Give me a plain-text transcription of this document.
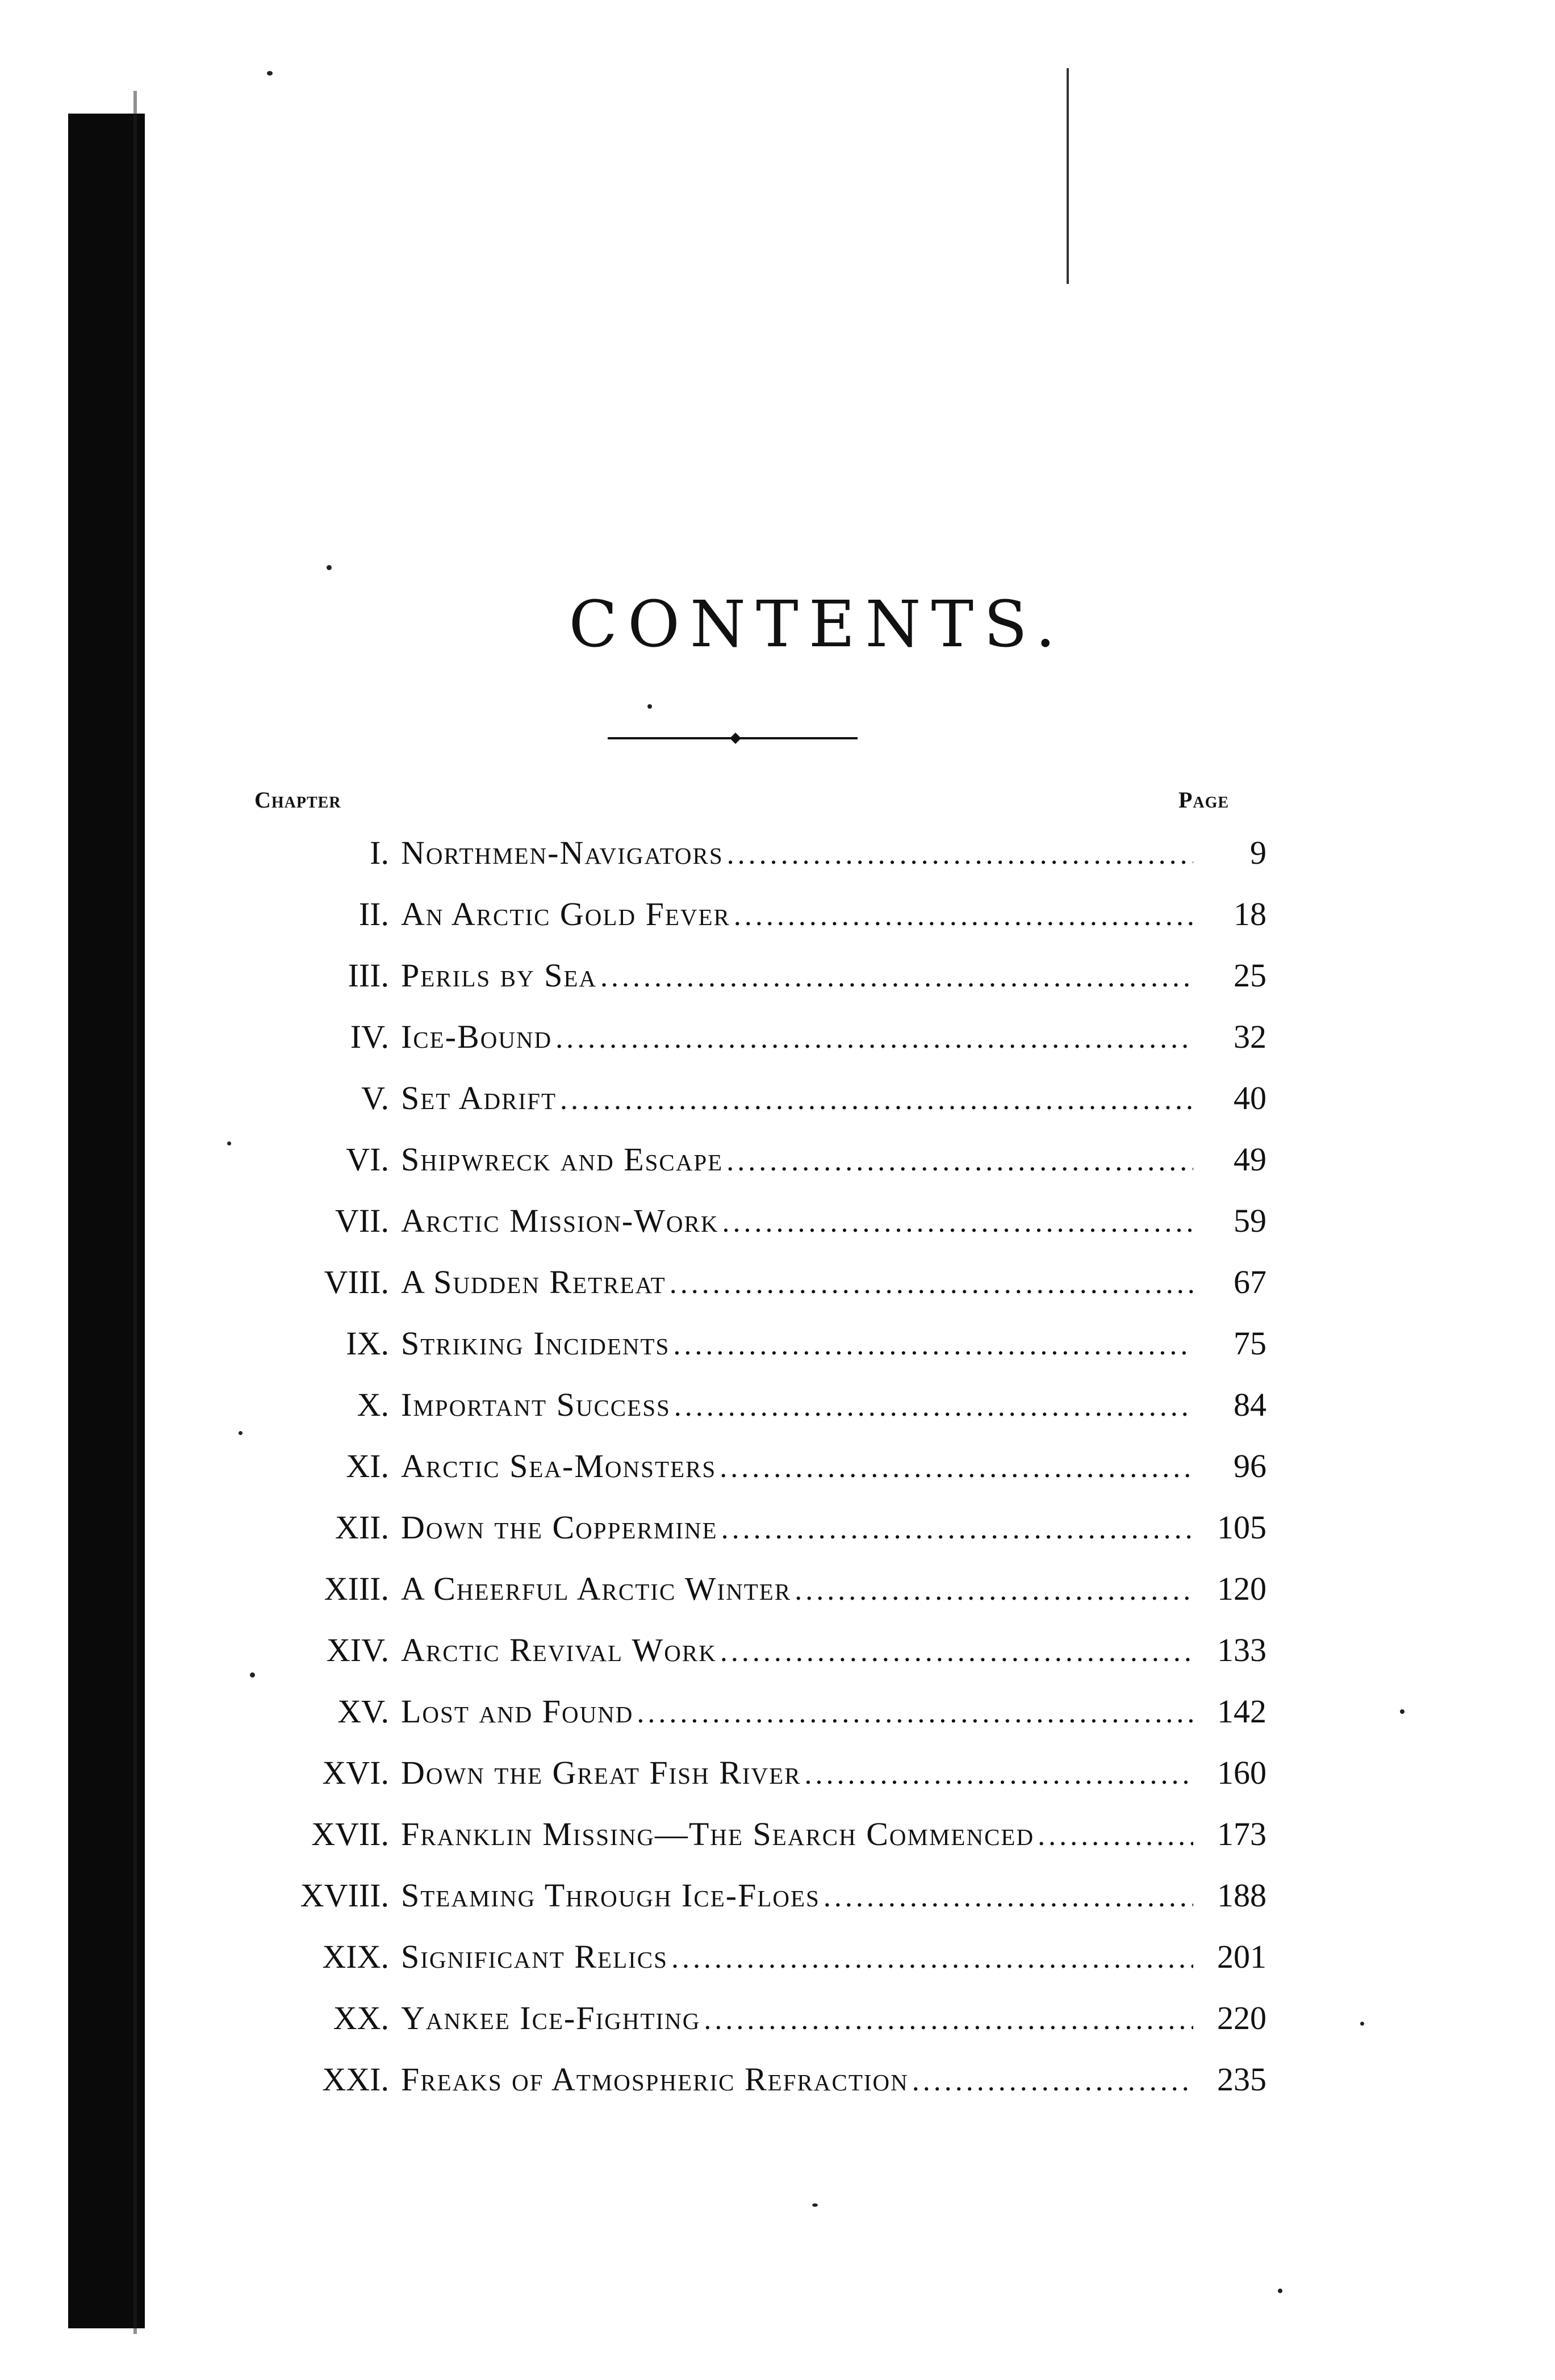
CONTENTS.
Chapter	Page
I. Northmen-Navigators .....	9
II. An Arctic Gold Fever .....	18
III. Perils by Sea .....	25
IV. Ice-Bound .....	32
V. Set Adrift .....	40
VI. Shipwreck and Escape .....	49
VII. Arctic Mission-Work .....	59
VIII. A Sudden Retreat .....	67
IX. Striking Incidents .....	75
X. Important Success .....	84
XI. Arctic Sea-Monsters .....	96
XII. Down the Coppermine .....	105
XIII. A Cheerful Arctic Winter .....	120
XIV. Arctic Revival Work .....	133
XV. Lost and Found .....	142
XVI. Down the Great Fish River .....	160
XVII. Franklin Missing—The Search Commenced .....	173
XVIII. Steaming Through Ice-Floes .....	188
XIX. Significant Relics .....	201
XX. Yankee Ice-Fighting .....	220
XXI. Freaks of Atmospheric Refraction .....	235
